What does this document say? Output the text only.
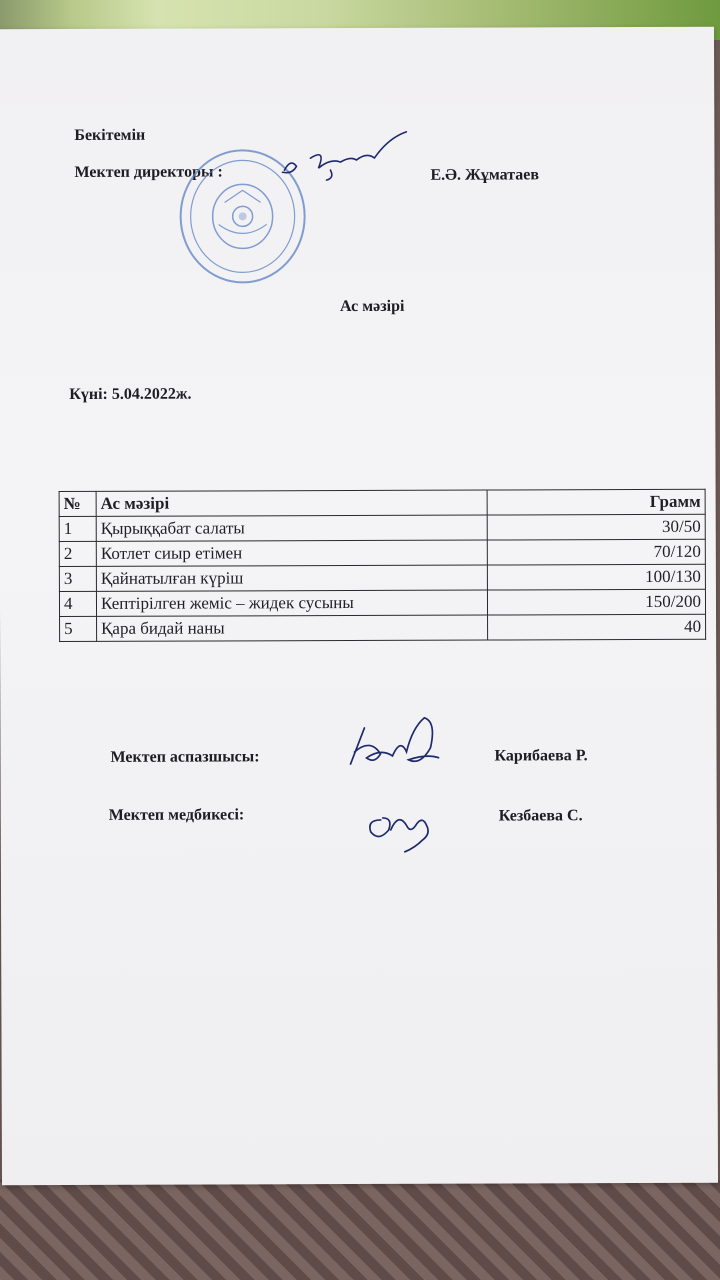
Бекітемін
Мектеп директоры :	Е.Ә. Жұматаев
Ас мәзірі
Күні: 5.04.2022ж.
№	Ас мәзірі	Грамм
1	Қырыққабат салаты	30/50
2	Котлет сиыр етімен	70/120
3	Қайнатылған күріш	100/130
4	Кептірілген жеміс – жидек сусыны	150/200
5	Қара бидай наны	40
Мектеп аспазшысы:	Карибаева Р.
Мектеп медбикесі:	Кезбаева С.
